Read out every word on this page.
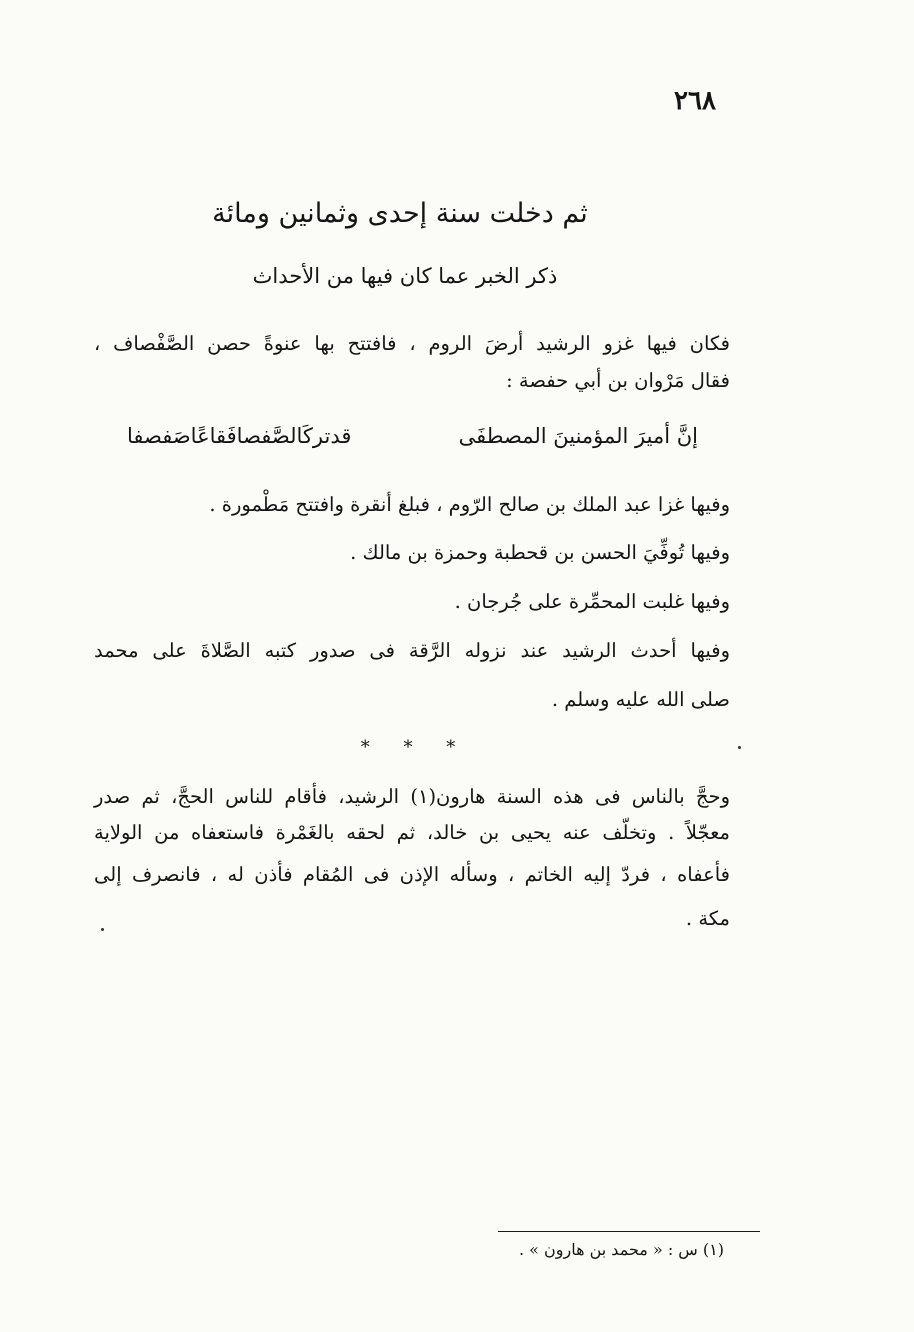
٢٦٨
ثم دخلت سنة إحدى وثمانين ومائة
ذكر الخبر عما كان فيها من الأحداث
فكان فيها غزو الرشيد أرضَ الروم ، فافتتح بها عنوةً حصن الصَّفْصاف ،
فقال مَرْوان بن أبي حفصة :
إنَّ أميرَ المؤمنينَ المصطفَى
قدتركَالصَّفصافَقاعًاصَفصفا
وفيها غزا عبد الملك بن صالح الرّوم ، فبلغ أنقرة وافتتح مَطْمورة .
وفيها تُوفِّيَ الحسن بن قحطبة وحمزة بن مالك .
وفيها غلبت المحمِّرة على جُرجان .
وفيها أحدث الرشيد عند نزوله الرَّقة فى صدور كتبه الصَّلاةَ على محمد
صلى الله عليه وسلم .
* * *
وحجَّ بالناس فى هذه السنة هارون(١) الرشيد، فأقام للناس الحجَّ، ثم صدر
معجّلاً . وتخلّف عنه يحيى بن خالد، ثم لحقه بالغَمْرة فاستعفاه من الولاية
فأعفاه ، فردّ إليه الخاتم ، وسأله الإذن فى المُقام فأذن له ، فانصرف إلى
مكة .
(١) س : « محمد بن هارون » .
